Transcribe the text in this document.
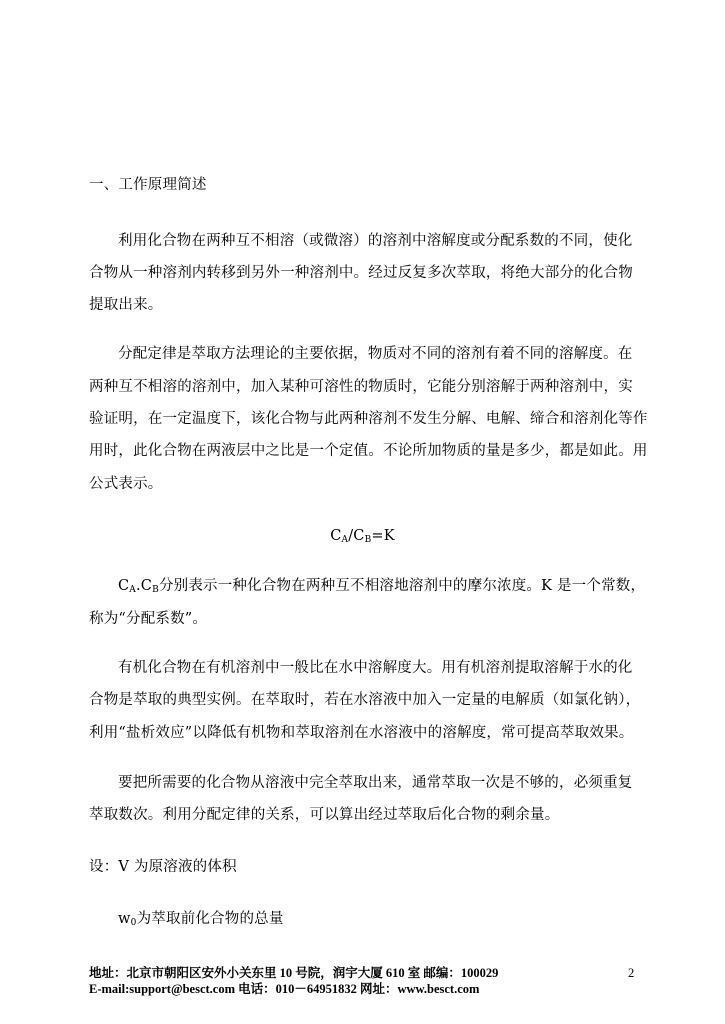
一、工作原理简述
利用化合物在两种互不相溶（或微溶）的溶剂中溶解度或分配系数的不同，使化
合物从一种溶剂内转移到另外一种溶剂中。经过反复多次萃取，将绝大部分的化合物
提取出来。
分配定律是萃取方法理论的主要依据，物质对不同的溶剂有着不同的溶解度。在
两种互不相溶的溶剂中，加入某种可溶性的物质时，它能分别溶解于两种溶剂中，实
验证明，在一定温度下，该化合物与此两种溶剂不发生分解、电解、缔合和溶剂化等作
用时，此化合物在两液层中之比是一个定值。不论所加物质的量是多少，都是如此。用
公式表示。
$C_A/C_B=K$
$C_A.C_B$分别表示一种化合物在两种互不相溶地溶剂中的摩尔浓度。K 是一个常数，
称为“分配系数”。
有机化合物在有机溶剂中一般比在水中溶解度大。用有机溶剂提取溶解于水的化
合物是萃取的典型实例。在萃取时，若在水溶液中加入一定量的电解质（如氯化钠），
利用“盐析效应”以降低有机物和萃取溶剂在水溶液中的溶解度，常可提高萃取效果。
要把所需要的化合物从溶液中完全萃取出来，通常萃取一次是不够的，必须重复
萃取数次。利用分配定律的关系，可以算出经过萃取后化合物的剩余量。
设：V 为原溶液的体积
$w_0$为萃取前化合物的总量
地址：北京市朝阳区安外小关东里 10 号院，润宇大厦 610 室 邮编：100029
E-mail:support@besct.com 电话：010－64951832 网址：www.besct.com
2
